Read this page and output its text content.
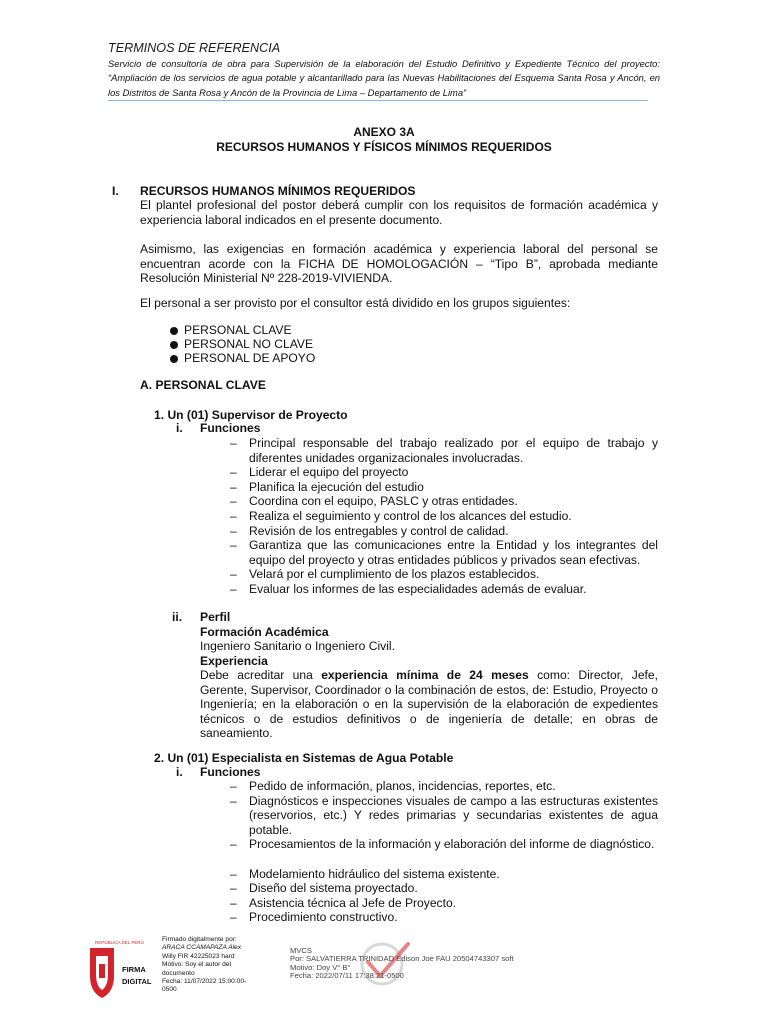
TERMINOS DE REFERENCIA
Servicio de consultoría de obra para Supervisión de la elaboración del Estudio Definitivo y Expediente Técnico del proyecto: “Ampliación de los servicios de agua potable y alcantarillado para las Nuevas Habilitaciones del Esquema Santa Rosa y Ancón, en los Distritos de Santa Rosa y Ancón de la Provincia de Lima – Departamento de Lima”
ANEXO 3A
RECURSOS HUMANOS Y FÍSICOS MÍNIMOS REQUERIDOS
I. RECURSOS HUMANOS MÍNIMOS REQUERIDOS
El plantel profesional del postor deberá cumplir con los requisitos de formación académica y experiencia laboral indicados en el presente documento.
Asimismo, las exigencias en formación académica y experiencia laboral del personal se encuentran acorde con la FICHA DE HOMOLOGACIÓN – “Tipo B”, aprobada mediante Resolución Ministerial Nº 228-2019-VIVIENDA.
El personal a ser provisto por el consultor está dividido en los grupos siguientes:
PERSONAL CLAVE
PERSONAL NO CLAVE
PERSONAL DE APOYO
A. PERSONAL CLAVE
1. Un (01) Supervisor de Proyecto
i. Funciones
– Principal responsable del trabajo realizado por el equipo de trabajo y diferentes unidades organizacionales involucradas.
– Liderar el equipo del proyecto
– Planifica la ejecución del estudio
– Coordina con el equipo, PASLC y otras entidades.
– Realiza el seguimiento y control de los alcances del estudio.
– Revisión de los entregables y control de calidad.
– Garantiza que las comunicaciones entre la Entidad y los integrantes del equipo del proyecto y otras entidades públicos y privados sean efectivas.
– Velará por el cumplimiento de los plazos establecidos.
– Evaluar los informes de las especialidades además de evaluar.
ii. Perfil
Formación Académica
Ingeniero Sanitario o Ingeniero Civil.
Experiencia
Debe acreditar una experiencia mínima de 24 meses como: Director, Jefe, Gerente, Supervisor, Coordinador o la combinación de estos, de: Estudio, Proyecto o Ingeniería; en la elaboración o en la supervisión de la elaboración de expedientes técnicos o de estudios definitivos o de ingeniería de detalle; en obras de saneamiento.
2. Un (01) Especialista en Sistemas de Agua Potable
i. Funciones
– Pedido de información, planos, incidencias, reportes, etc.
– Diagnósticos e inspecciones visuales de campo a las estructuras existentes (reservorios, etc.) Y redes primarias y secundarias existentes de agua potable.
– Procesamientos de la información y elaboración del informe de diagnóstico.
– Modelamiento hidráulico del sistema existente.
– Diseño del sistema proyectado.
– Asistencia técnica al Jefe de Proyecto.
– Procedimiento constructivo.
REPÚBLICA DEL PERÚ
FIRMA
DIGITAL
Firmado digitalmente por:
ARACA CCAMAPAZA Alex
Willy FIR 42225023 hard
Motivo: Soy el autor del
documento
Fecha: 11/07/2022 15:00:00-0500
MVCS
Por: SALVATIERRA TRINIDAD Edison Joe FAU 20504743307 soft
Motivo: Doy V° B°
Fecha: 2022/07/11 17:38:21-0500
